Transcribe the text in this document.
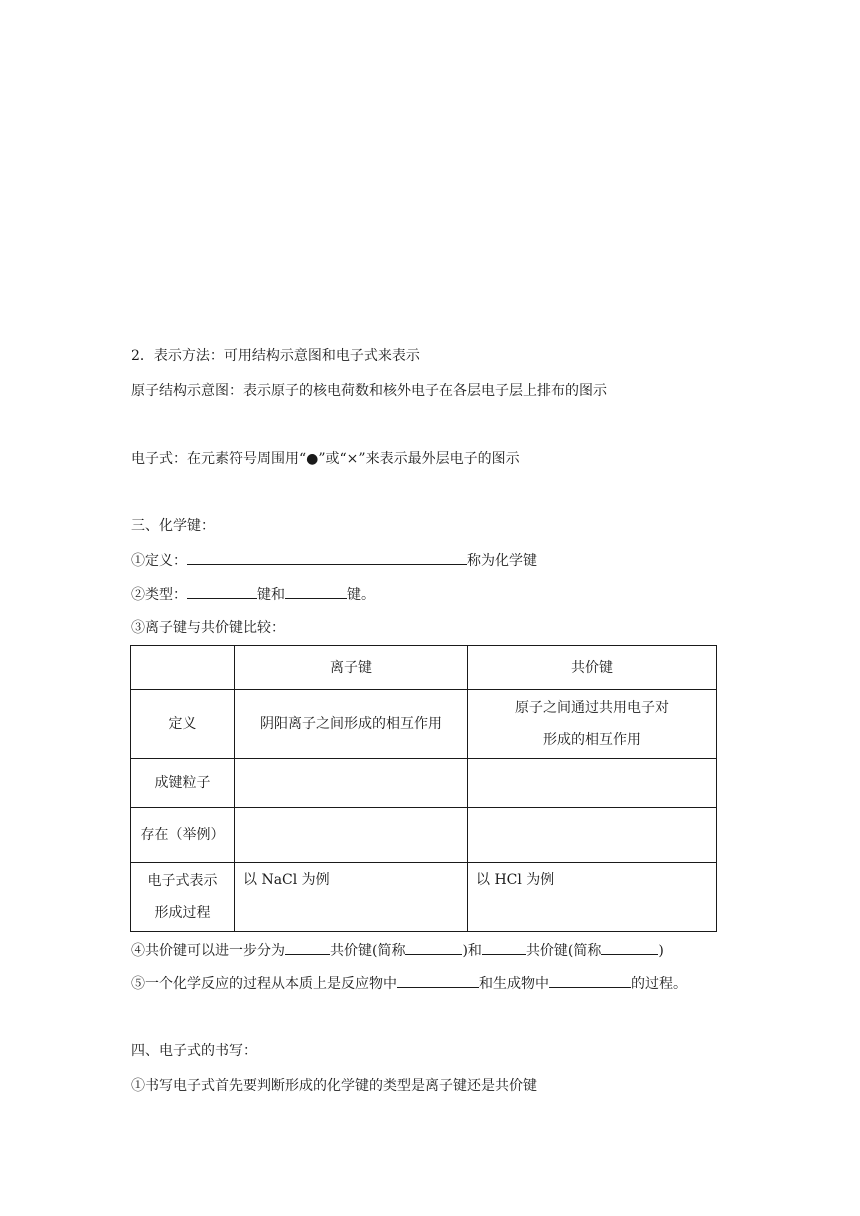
2．表示方法：可用结构示意图和电子式来表示
原子结构示意图：表示原子的核电荷数和核外电子在各层电子层上排布的图示
电子式：在元素符号周围用“●”或“×”来表示最外层电子的图示
三、化学键：
①定义：	称为化学键
②类型：	键和	键。
③离子键与共价键比较：
	离子键	共价键
定义	阴阳离子之间形成的相互作用	原子之间通过共用电子对
形成的相互作用

成键粒子		
存在（举例）		

电子式表示
形成过程	以 NaCl 为例	以 HCl 为例
④共价键可以进一步分为	共价键(简称	)和	共价键(简称	)
⑤一个化学反应的过程从本质上是反应物中	和生成物中	的过程。
四、电子式的书写：
①书写电子式首先要判断形成的化学键的类型是离子键还是共价键
